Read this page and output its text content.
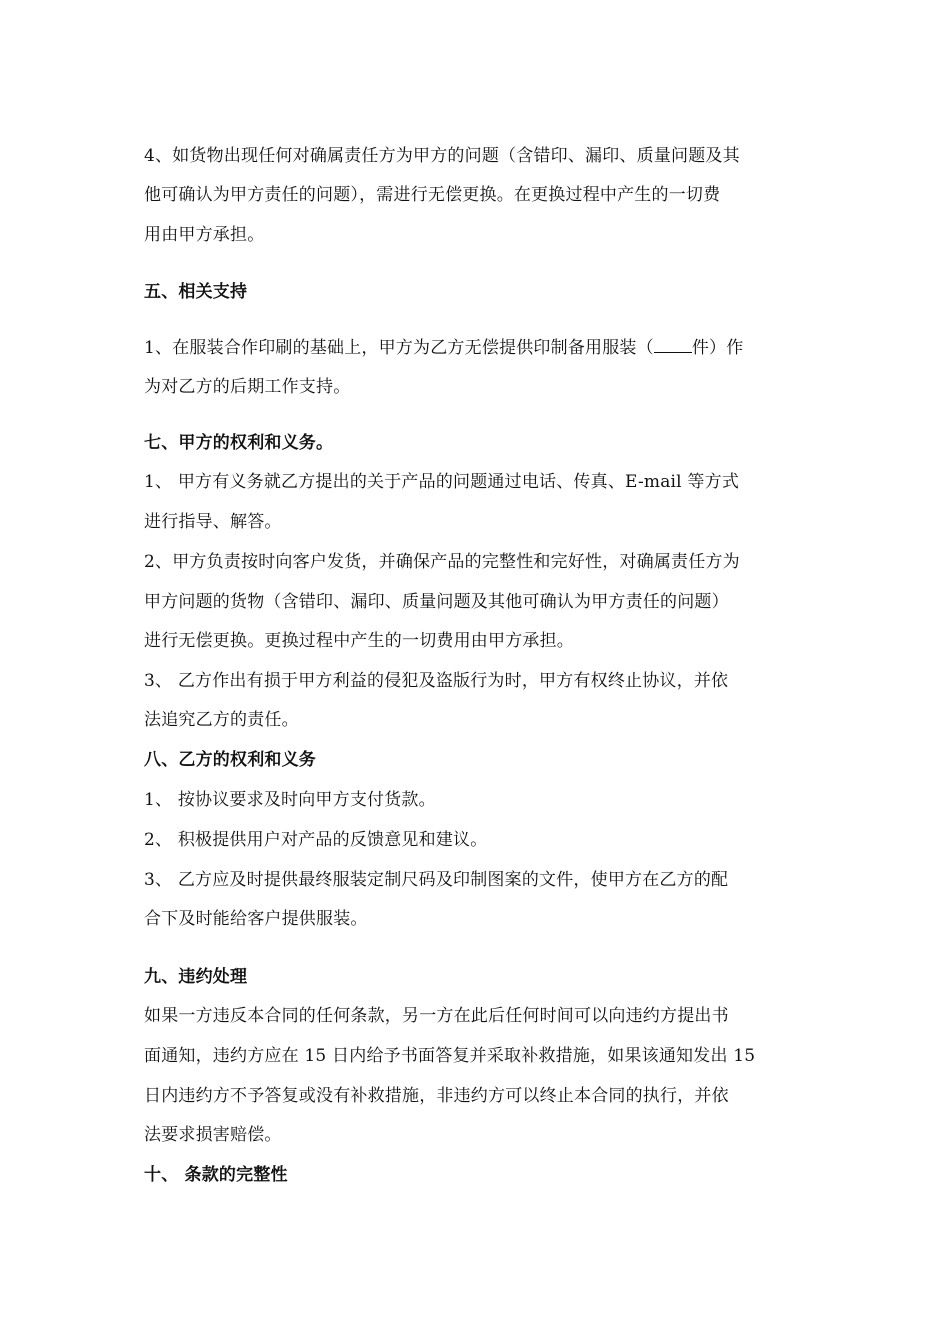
4、如货物出现任何对确属责任方为甲方的问题（含错印、漏印、质量问题及其
他可确认为甲方责任的问题），需进行无偿更换。在更换过程中产生的一切费
用由甲方承担。
五、相关支持
1、在服装合作印刷的基础上，甲方为乙方无偿提供印制备用服装（ 件）作
为对乙方的后期工作支持。
七、甲方的权利和义务。
1、 甲方有义务就乙方提出的关于产品的问题通过电话、传真、E-mail 等方式
进行指导、解答。
2、甲方负责按时向客户发货，并确保产品的完整性和完好性，对确属责任方为
甲方问题的货物（含错印、漏印、质量问题及其他可确认为甲方责任的问题）
进行无偿更换。更换过程中产生的一切费用由甲方承担。
3、 乙方作出有损于甲方利益的侵犯及盗版行为时，甲方有权终止协议，并依
法追究乙方的责任。
八、乙方的权利和义务
1、 按协议要求及时向甲方支付货款。
2、 积极提供用户对产品的反馈意见和建议。
3、 乙方应及时提供最终服装定制尺码及印制图案的文件，使甲方在乙方的配
合下及时能给客户提供服装。
九、违约处理
如果一方违反本合同的任何条款，另一方在此后任何时间可以向违约方提出书
面通知，违约方应在 15 日内给予书面答复并采取补救措施，如果该通知发出 15
日内违约方不予答复或没有补救措施，非违约方可以终止本合同的执行，并依
法要求损害赔偿。
十、 条款的完整性
